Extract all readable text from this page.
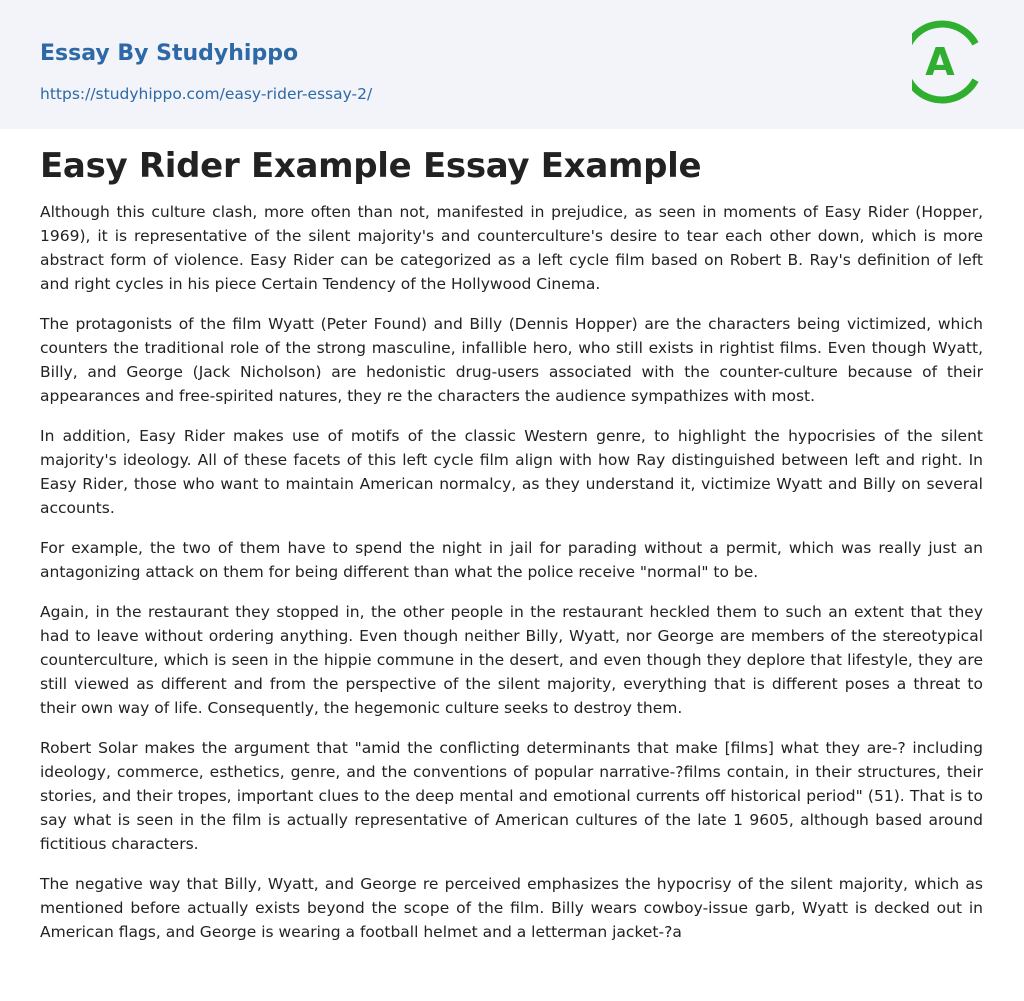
Essay By Studyhippo
https://studyhippo.com/easy-rider-essay-2/
A
Easy Rider Example Essay Example

Although this culture clash, more often than not, manifested in prejudice, as seen in moments of Easy Rider (Hopper, 1969), it is representative of the silent majority's and counterculture's desire to tear each other down, which is more abstract form of violence. Easy Rider can be categorized as a left cycle film based on Robert B. Ray's definition of left and right cycles in his piece Certain Tendency of the Hollywood Cinema.

The protagonists of the film Wyatt (Peter Found) and Billy (Dennis Hopper) are the characters being victimized, which counters the traditional role of the strong masculine, infallible hero, who still exists in rightist films. Even though Wyatt, Billy, and George (Jack Nicholson) are hedonistic drug-users associated with the counter-culture because of their appearances and free-spirited natures, they re the characters the audience sympathizes with most.

In addition, Easy Rider makes use of motifs of the classic Western genre, to highlight the hypocrisies of the silent majority's ideology. All of these facets of this left cycle film align with how Ray distinguished between left and right. In Easy Rider, those who want to maintain American normalcy, as they understand it, victimize Wyatt and Billy on several accounts.

For example, the two of them have to spend the night in jail for parading without a permit, which was really just an antagonizing attack on them for being different than what the police receive "normal" to be.

Again, in the restaurant they stopped in, the other people in the restaurant heckled them to such an extent that they had to leave without ordering anything. Even though neither Billy, Wyatt, nor George are members of the stereotypical counterculture, which is seen in the hippie commune in the desert, and even though they deplore that lifestyle, they are still viewed as different and from the perspective of the silent majority, everything that is different poses a threat to their own way of life. Consequently, the hegemonic culture seeks to destroy them.

Robert Solar makes the argument that "amid the conflicting determinants that make [films] what they are-? including ideology, commerce, esthetics, genre, and the conventions of popular narrative-?films contain, in their structures, their stories, and their tropes, important clues to the deep mental and emotional currents off historical period" (51). That is to say what is seen in the film is actually representative of American cultures of the late 1 9605, although based around fictitious characters.

The negative way that Billy, Wyatt, and George re perceived emphasizes the hypocrisy of the silent majority, which as mentioned before actually exists beyond the scope of the film. Billy wears cowboy-issue garb, Wyatt is decked out in American flags, and George is wearing a football helmet and a letterman jacket-?a
